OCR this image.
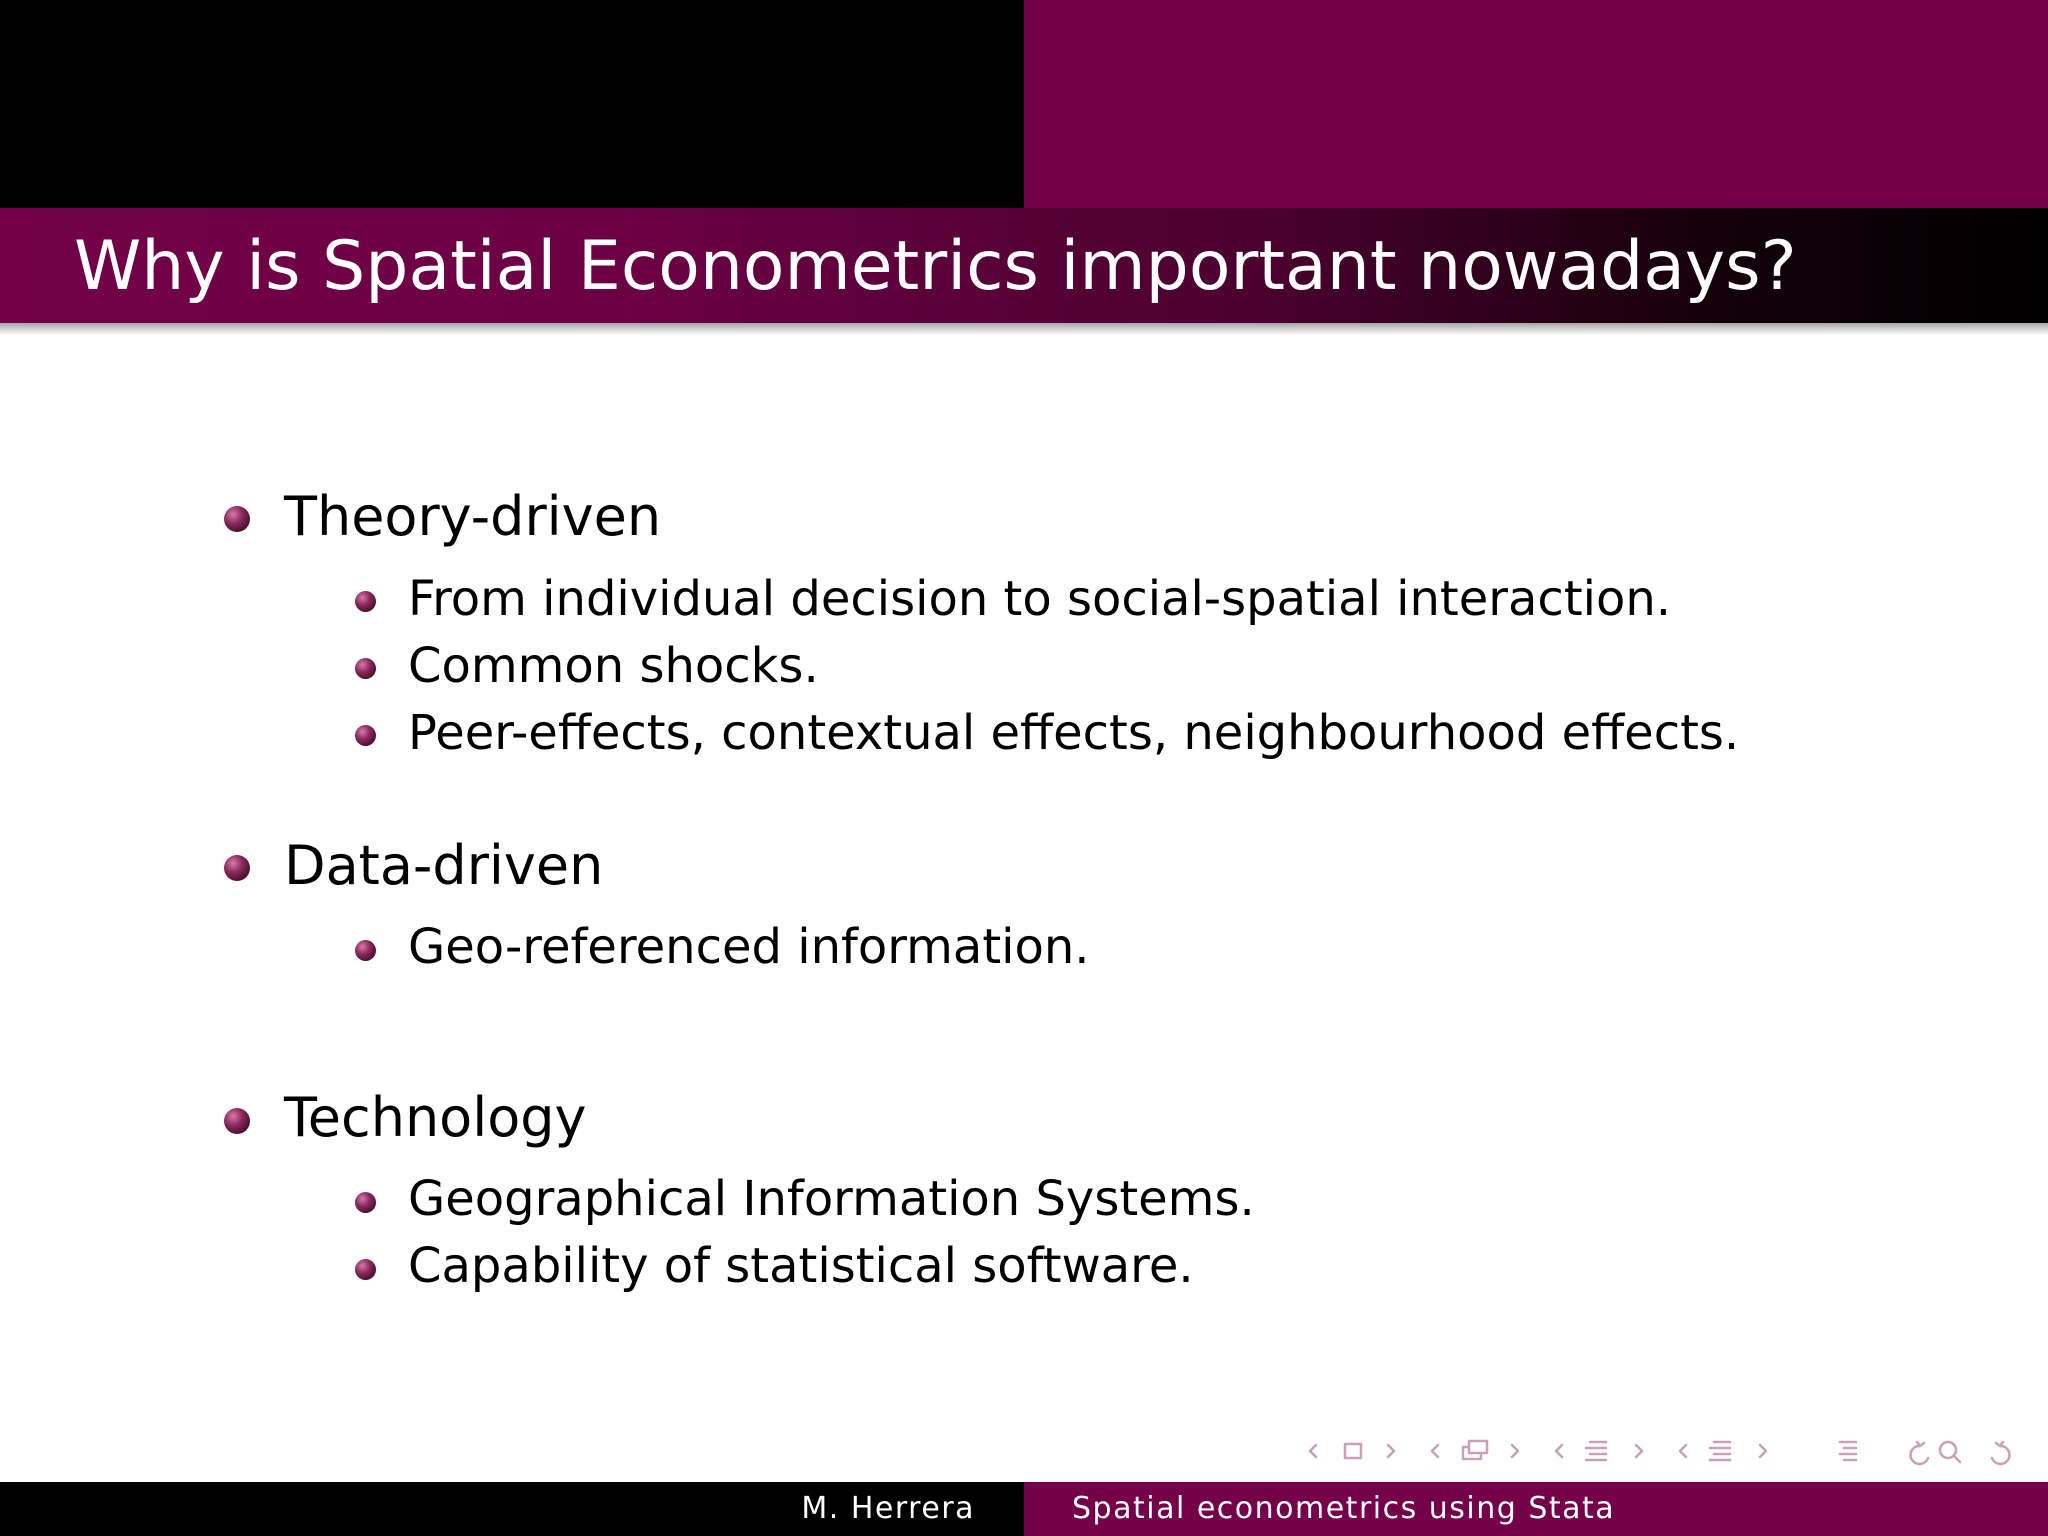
Why is Spatial Econometrics important nowadays?
Theory-driven
From individual decision to social-spatial interaction.
Common shocks.
Peer-effects, contextual effects, neighbourhood effects.
Data-driven
Geo-referenced information.
Technology
Geographical Information Systems.
Capability of statistical software.
M. Herrera	Spatial econometrics using Stata
